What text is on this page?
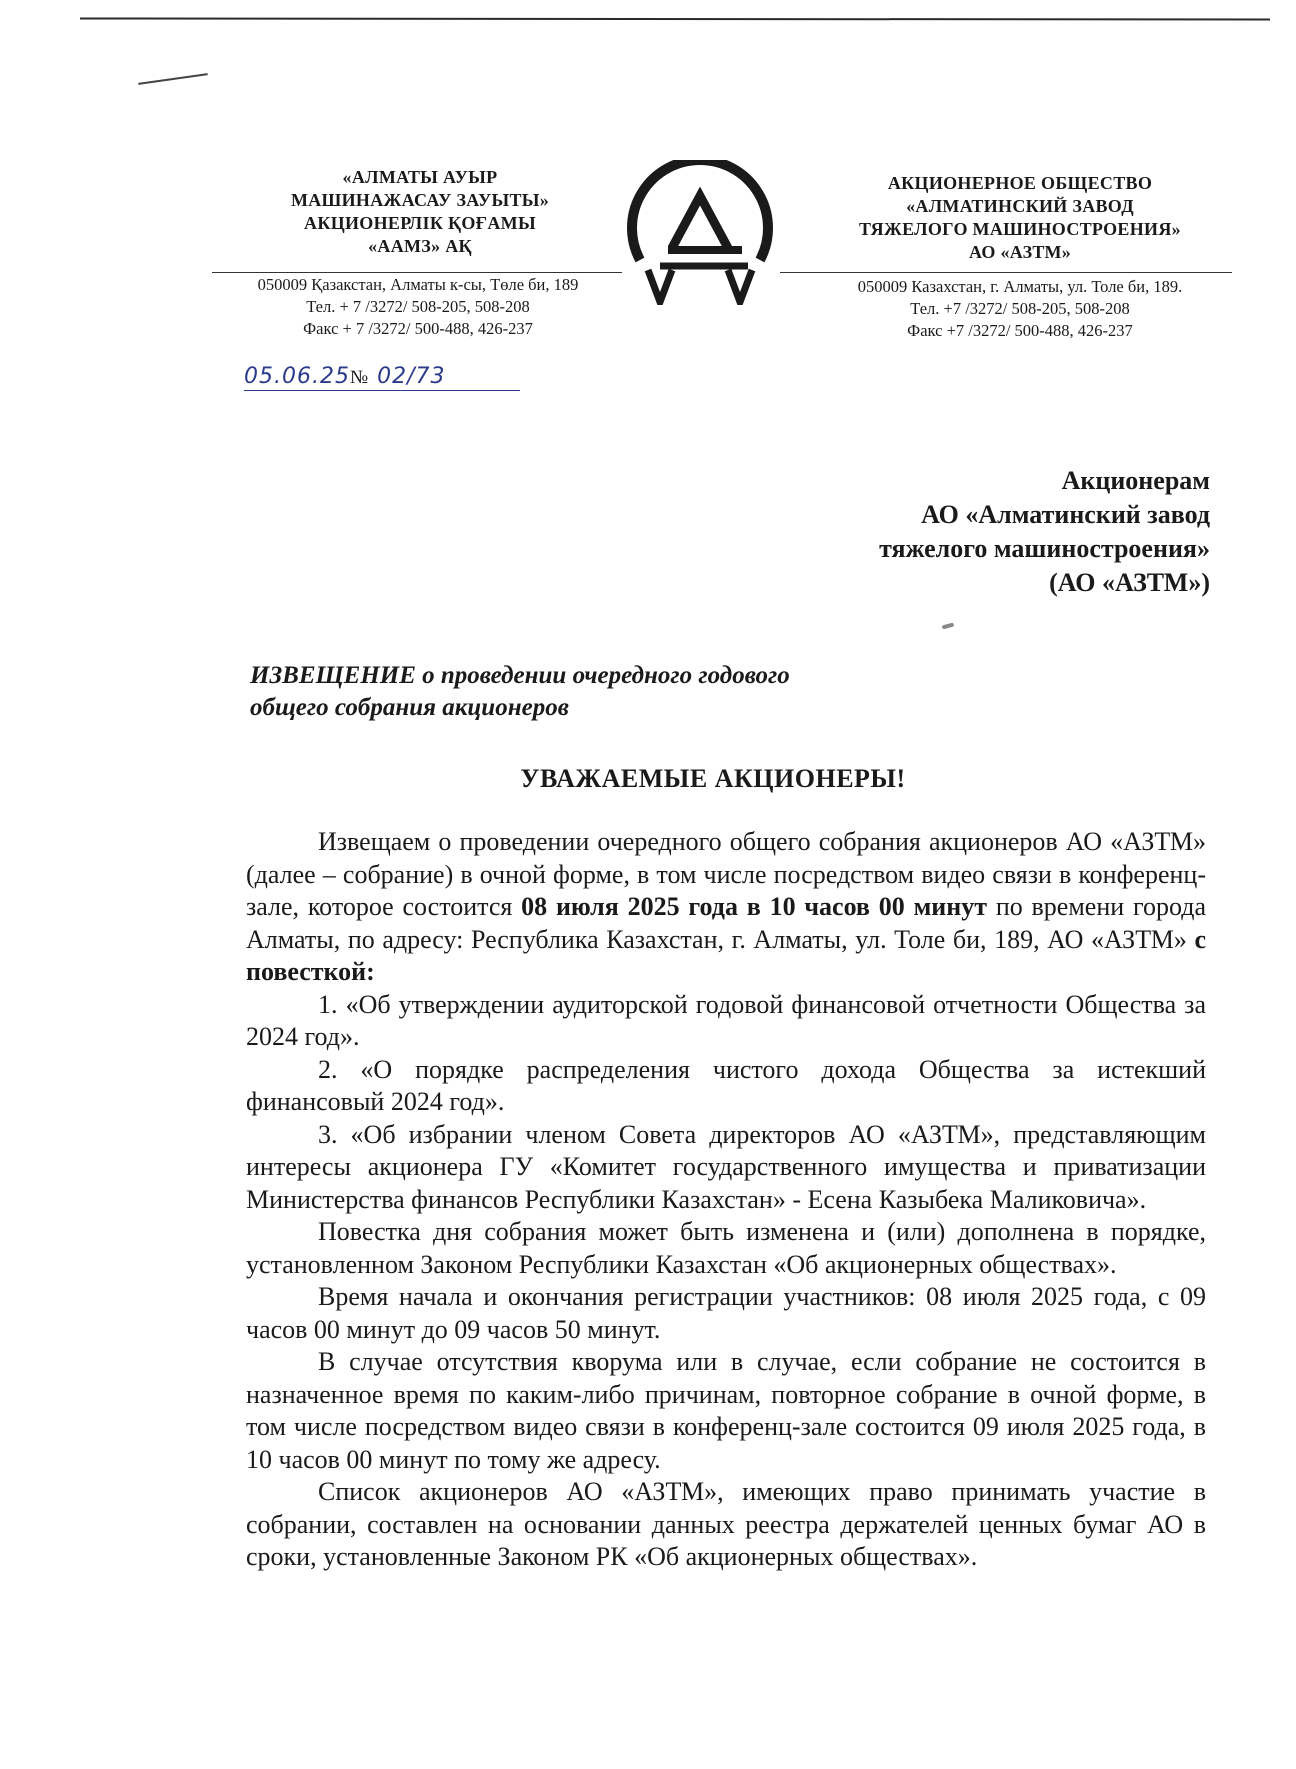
«АЛМАТЫ АУЫР
МАШИНАЖАСАУ ЗАУЫТЫ»
АКЦИОНЕРЛІК ҚОҒАМЫ
«ААМЗ» АҚ
050009 Қазакстан, Алматы к-сы, Төле би, 189
Тел. + 7 /3272/ 508-205, 508-208
Факс + 7 /3272/ 500-488, 426-237
АКЦИОНЕРНОЕ ОБЩЕСТВО
«АЛМАТИНСКИЙ ЗАВОД
ТЯЖЕЛОГО МАШИНОСТРОЕНИЯ»
АО «АЗТМ»
050009 Казахстан, г. Алматы, ул. Толе би, 189.
Тел. +7 /3272/ 508-205, 508-208
Факс +7 /3272/ 500-488, 426-237
05.06.25№ 02/73
Акционерам
АО «Алматинский завод
тяжелого машиностроения»
(АО «АЗТМ»)
ИЗВЕЩЕНИЕ о проведении очередного годового
общего собрания акционеров
УВАЖАЕМЫЕ АКЦИОНЕРЫ!

Извещаем о проведении очередного общего собрания акционеров АО «АЗТМ» (далее – собрание) в очной форме, в том числе посредством видео связи в конференц-зале, которое состоится 08 июля 2025 года в 10 часов 00 минут по времени города Алматы, по адресу: Республика Казахстан, г. Алматы, ул. Толе би, 189, АО «АЗТМ» с повесткой:

1. «Об утверждении аудиторской годовой финансовой отчетности Общества за 2024 год».

2. «О порядке распределения чистого дохода Общества за истекший финансовый 2024 год».

3. «Об избрании членом Совета директоров АО «АЗТМ», представляющим интересы акционера ГУ «Комитет государственного имущества и приватизации Министерства финансов Республики Казахстан» - Есена Казыбека Маликовича».

Повестка дня собрания может быть изменена и (или) дополнена в порядке, установленном Законом Республики Казахстан «Об акционерных обществах».

Время начала и окончания регистрации участников: 08 июля 2025 года, с 09 часов 00 минут до 09 часов 50 минут.

В случае отсутствия кворума или в случае, если собрание не состоится в назначенное время по каким-либо причинам, повторное собрание в очной форме, в том числе посредством видео связи в конференц-зале состоится 09 июля 2025 года, в 10 часов 00 минут по тому же адресу.

Список акционеров АО «АЗТМ», имеющих право принимать участие в собрании, составлен на основании данных реестра держателей ценных бумаг АО в сроки, установленные Законом РК «Об акционерных обществах».
